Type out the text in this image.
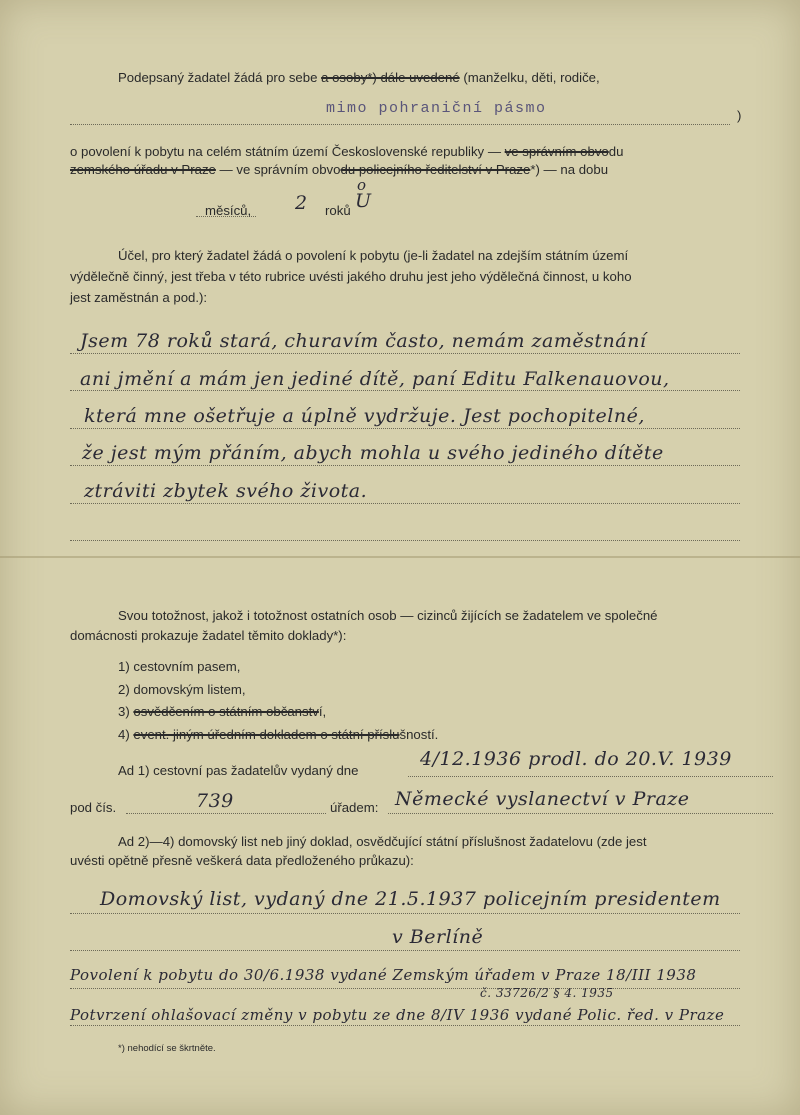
Podepsaný žadatel žádá pro sebe a osoby*) dále uvedené (manželku, děti, rodiče,
mimo pohraniční pásmo	)
o povolení k pobytu na celém státním území Československé republiky — ve správním obvodu
zemského úřadu v Praze — ve správním obvodu policejního ředitelství v Praze*) — na dobu
měsíců, 2 roků U
o
Účel, pro který žadatel žádá o povolení k pobytu (je-li žadatel na zdejším státním území
výdělečně činný, jest třeba v této rubrice uvésti jakého druhu jest jeho výdělečná činnost, u koho
jest zaměstnán a pod.):
Jsem 78 roků stará, churavím často, nemám zaměstnání
ani jmění a mám jen jediné dítě, paní Editu Falkenauovou,
která mne ošetřuje a úplně vydržuje. Jest pochopitelné,
že jest mým přáním, abych mohla u svého jediného dítěte
ztráviti zbytek svého života.
Svou totožnost, jakož i totožnost ostatních osob — cizinců žijících se žadatelem ve společné
domácnosti prokazuje žadatel těmito doklady*):
1) cestovním pasem,
2) domovským listem,
3) osvědčením o státním občanství,
4) event. jiným úředním dokladem o státní příslušností.
Ad 1) cestovní pas žadatelův vydaný dne
4/12.1936 prodl. do 20.V. 1939
pod čís.	739	úřadem: Německé vyslanectví v Praze
Ad 2)—4) domovský list neb jiný doklad, osvědčující státní příslušnost žadatelovu (zde jest
uvésti opětně přesně veškerá data předloženého průkazu):
Domovský list, vydaný dne 21.5.1937 policejním presidentem
v Berlíně
Povolení k pobytu do 30/6.1938 vydané Zemským úřadem v Praze 18/III 1938
č. 33726/2 § 4. 1935
Potvrzení ohlašovací změny v pobytu ze dne 8/IV 1936 vydané Polic. řed. v Praze
*) nehodící se škrtněte.
